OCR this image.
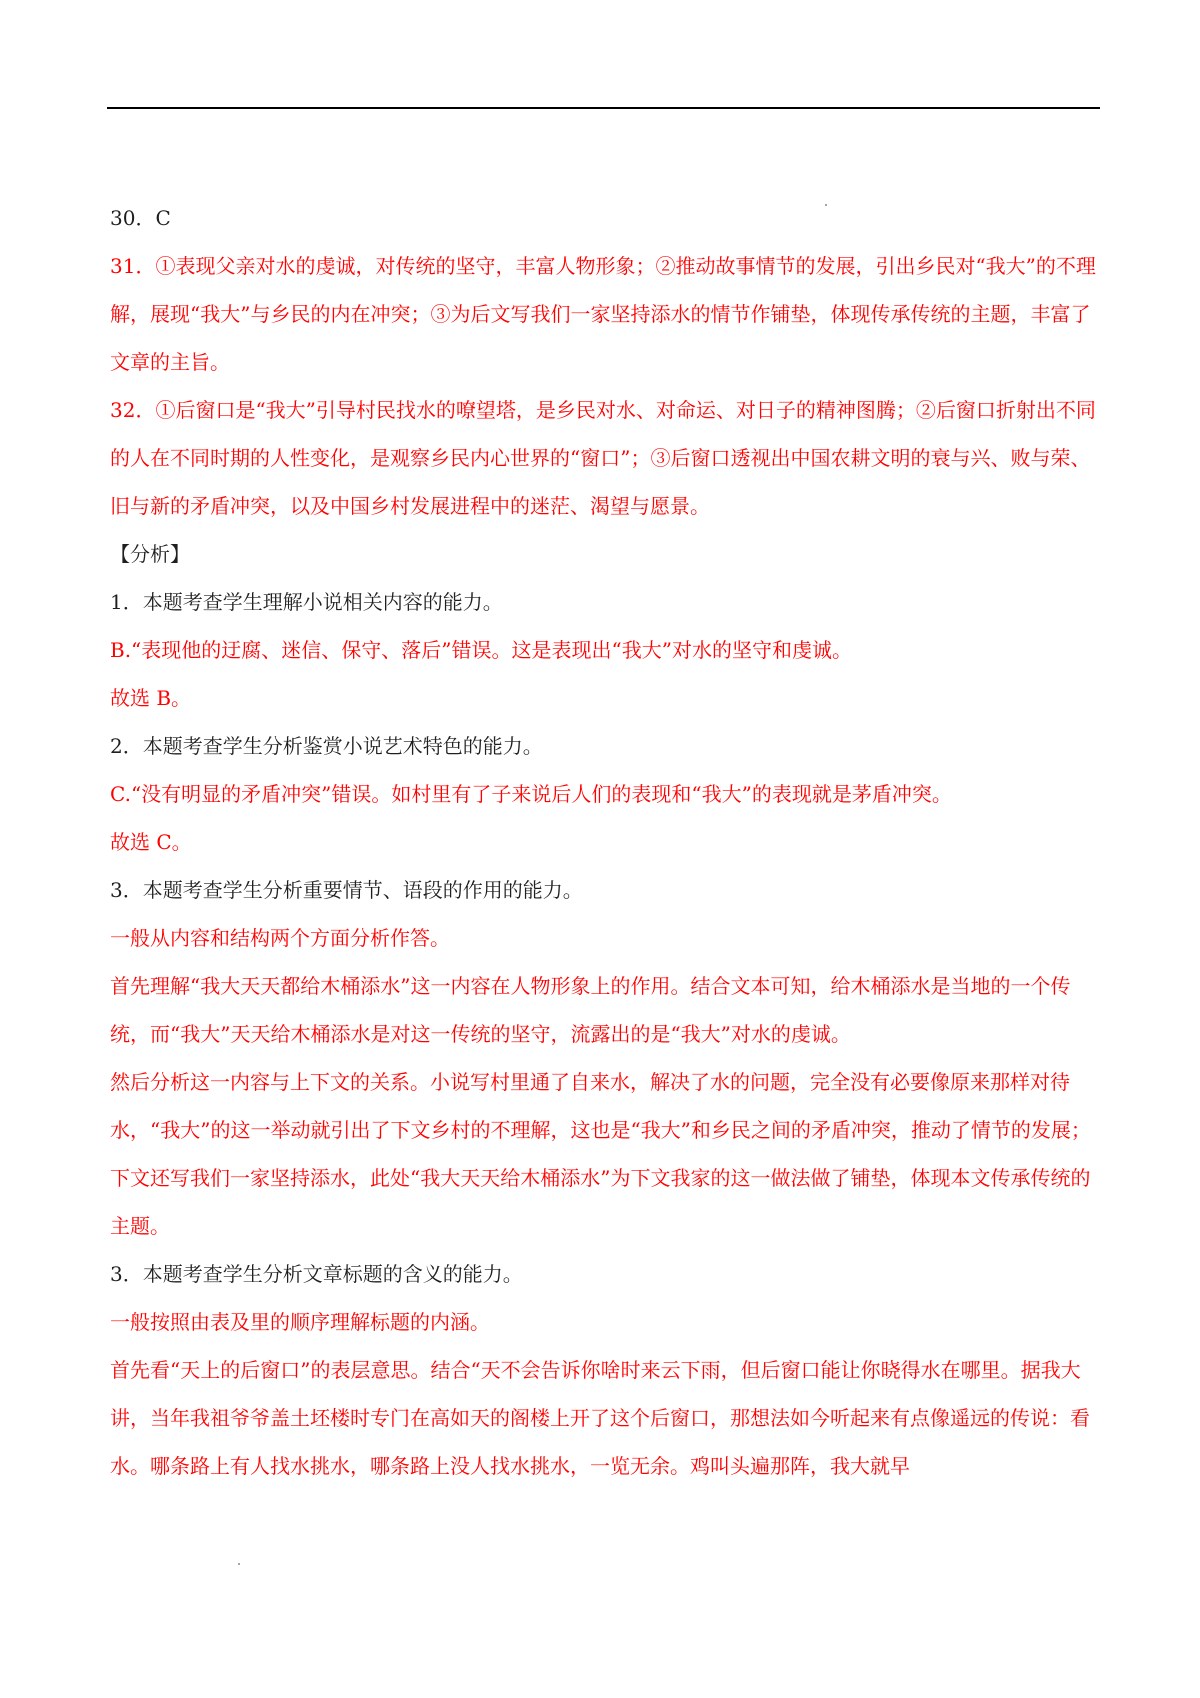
30．C
31．①表现父亲对水的虔诚，对传统的坚守，丰富人物形象；②推动故事情节的发展，引出乡民对“我大”的不理解，展现“我大”与乡民的内在冲突；③为后文写我们一家坚持添水的情节作铺垫，体现传承传统的主题，丰富了文章的主旨。
32．①后窗口是“我大”引导村民找水的嘹望塔，是乡民对水、对命运、对日子的精神图腾；②后窗口折射出不同的人在不同时期的人性变化，是观察乡民内心世界的“窗口”；③后窗口透视出中国农耕文明的衰与兴、败与荣、旧与新的矛盾冲突，以及中国乡村发展进程中的迷茫、渴望与愿景。
【分析】
1．本题考查学生理解小说相关内容的能力。
B.“表现他的迂腐、迷信、保守、落后”错误。这是表现出“我大”对水的坚守和虔诚。
故选 B。
2．本题考查学生分析鉴赏小说艺术特色的能力。
C.“没有明显的矛盾冲突”错误。如村里有了子来说后人们的表现和“我大”的表现就是茅盾冲突。
故选 C。
3．本题考查学生分析重要情节、语段的作用的能力。
一般从内容和结构两个方面分析作答。
首先理解“我大天天都给木桶添水”这一内容在人物形象上的作用。结合文本可知，给木桶添水是当地的一个传统，而“我大”天天给木桶添水是对这一传统的坚守，流露出的是“我大”对水的虔诚。
然后分析这一内容与上下文的关系。小说写村里通了自来水，解决了水的问题，完全没有必要像原来那样对待水，“我大”的这一举动就引出了下文乡村的不理解，这也是“我大”和乡民之间的矛盾冲突，推动了情节的发展；下文还写我们一家坚持添水，此处“我大天天给木桶添水”为下文我家的这一做法做了铺垫，体现本文传承传统的主题。
3．本题考查学生分析文章标题的含义的能力。
一般按照由表及里的顺序理解标题的内涵。
首先看“天上的后窗口”的表层意思。结合“天不会告诉你啥时来云下雨，但后窗口能让你晓得水在哪里。据我大讲，当年我祖爷爷盖土坯楼时专门在高如天的阁楼上开了这个后窗口，那想法如今听起来有点像遥远的传说：看水。哪条路上有人找水挑水，哪条路上没人找水挑水，一览无余。鸡叫头遍那阵，我大就早
